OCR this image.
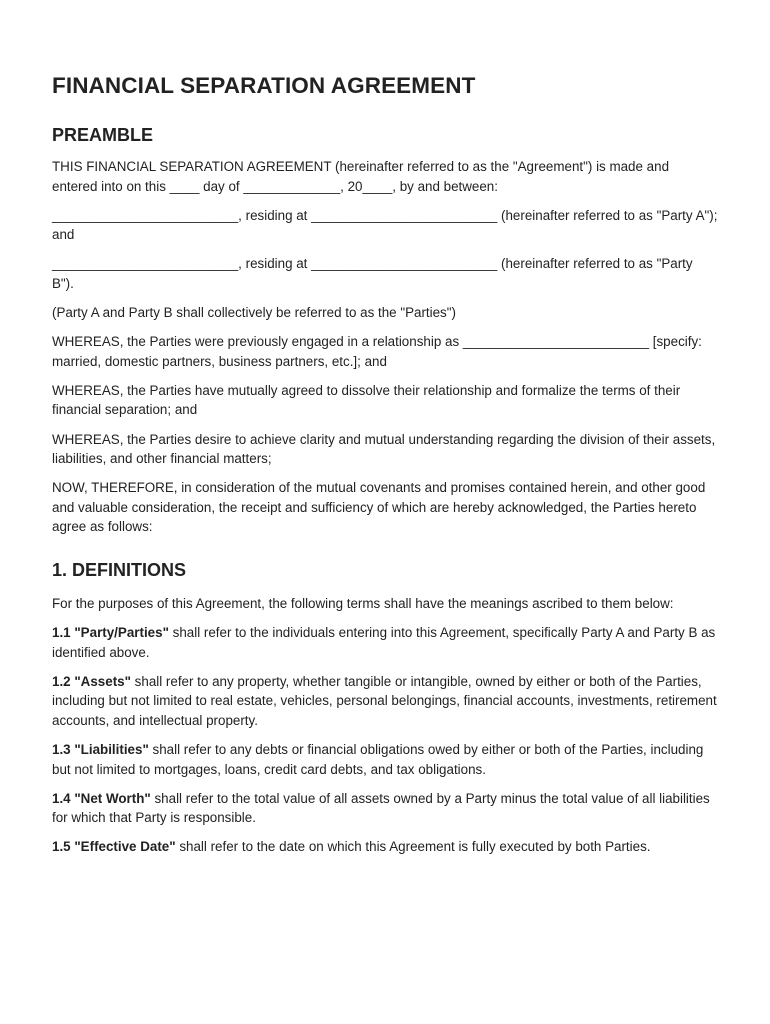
FINANCIAL SEPARATION AGREEMENT
PREAMBLE

THIS FINANCIAL SEPARATION AGREEMENT (hereinafter referred to as the "Agreement") is made and entered into on this ____ day of _____________, 20____, by and between:

_________________________, residing at _________________________ (hereinafter referred to as "Party A"); and

_________________________, residing at _________________________ (hereinafter referred to as "Party B").

(Party A and Party B shall collectively be referred to as the "Parties")

WHEREAS, the Parties were previously engaged in a relationship as _________________________ [specify: married, domestic partners, business partners, etc.]; and

WHEREAS, the Parties have mutually agreed to dissolve their relationship and formalize the terms of their financial separation; and

WHEREAS, the Parties desire to achieve clarity and mutual understanding regarding the division of their assets, liabilities, and other financial matters;

NOW, THEREFORE, in consideration of the mutual covenants and promises contained herein, and other good and valuable consideration, the receipt and sufficiency of which are hereby acknowledged, the Parties hereto agree as follows:

1. DEFINITIONS

For the purposes of this Agreement, the following terms shall have the meanings ascribed to them below:

1.1 "Party/Parties" shall refer to the individuals entering into this Agreement, specifically Party A and Party B as identified above.

1.2 "Assets" shall refer to any property, whether tangible or intangible, owned by either or both of the Parties, including but not limited to real estate, vehicles, personal belongings, financial accounts, investments, retirement accounts, and intellectual property.

1.3 "Liabilities" shall refer to any debts or financial obligations owed by either or both of the Parties, including but not limited to mortgages, loans, credit card debts, and tax obligations.

1.4 "Net Worth" shall refer to the total value of all assets owned by a Party minus the total value of all liabilities for which that Party is responsible.

1.5 "Effective Date" shall refer to the date on which this Agreement is fully executed by both Parties.
